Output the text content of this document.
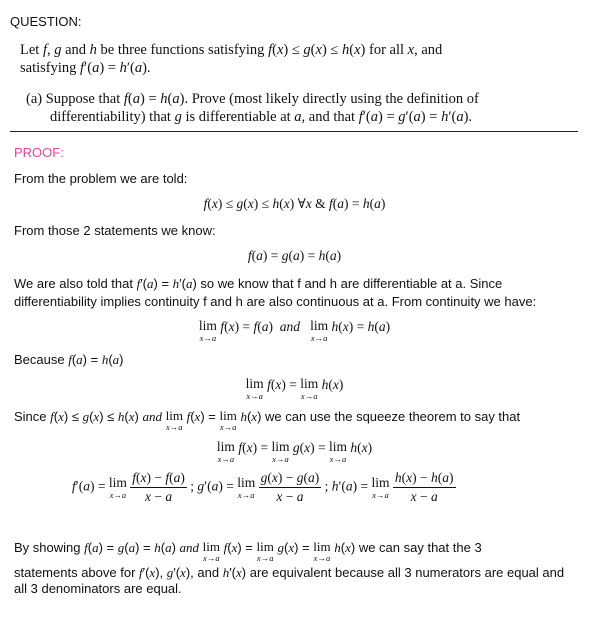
QUESTION:
Let f, g and h be three functions satisfying f(x) ≤ g(x) ≤ h(x) for all x, and
satisfying f′(a) = h′(a).
(a) Suppose that f(a) = h(a). Prove (most likely directly using the definition of
differentiability) that g is differentiable at a, and that f′(a) = g′(a) = h′(a).
PROOF:
From the problem we are told:
f(x) ≤ g(x) ≤ h(x) ∀x & f(a) = h(a)
From those 2 statements we know:
f(a) = g(a) = h(a)
We are also told that f′(a) = h′(a) so we know that f and h are differentiable at a. Since
differentiability implies continuity f and h are also continuous at a. From continuity we have:
lim
x→a
f(x) = f(a)  and lim
x→a
h(x) = h(a)
Because f(a) = h(a)
lim
x→a
f(x) = lim
x→a
h(x)
Since f(x) ≤ g(x) ≤ h(x) and lim
x→a
f(x) = lim
x→a
h(x) we can use the squeeze theorem to say that
lim
x→a
f(x) = lim
x→a
g(x) = lim
x→a
h(x)
f′(a) = lim
x→a
$\frac{f(x) - f(a)}{x - a}$ ; g′(a) = lim
x→a
$\frac{g(x) - g(a)}{x - a}$ ; h′(a) = lim
x→a
$\frac{h(x) - h(a)}{x - a}$
By showing f(a) = g(a) = h(a) and lim
x→a
f(x) = lim
x→a
g(x) = lim
x→a
h(x) we can say that the 3
statements above for f′(x), g′(x), and h′(x) are equivalent because all 3 numerators are equal and
all 3 denominators are equal.
